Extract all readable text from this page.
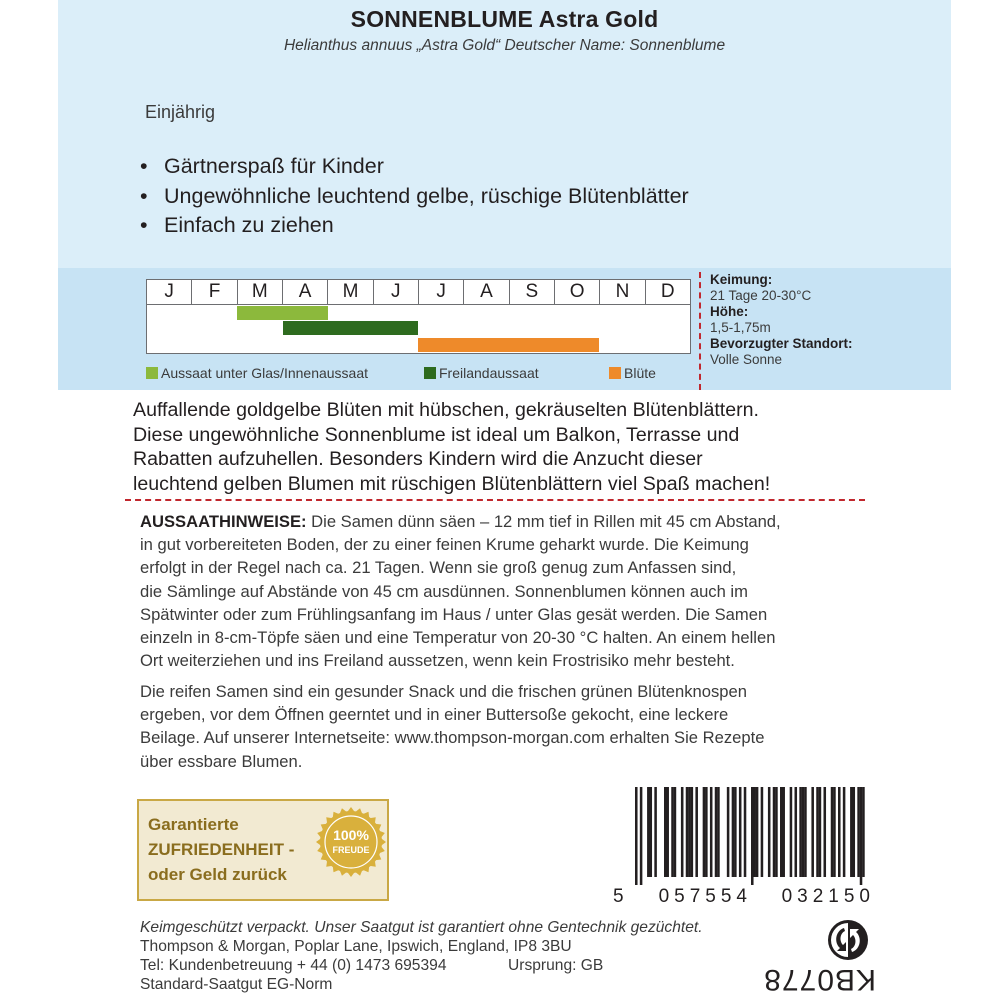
SONNENBLUME Astra Gold
Helianthus annuus „Astra Gold“ Deutscher Name: Sonnenblume
Einjährig
• Gärtnerspaß für Kinder
• Ungewöhnliche leuchtend gelbe, rüschige Blütenblätter
• Einfach zu ziehen
J	F	M	A	M	J	J	A	S	O	N	D
Aussaat unter Glas/Innenaussaat	Freilandaussaat	Blüte
Keimung:
21 Tage 20-30°C
Höhe:
1,5-1,75m
Bevorzugter Standort:
Volle Sonne
Auffallende goldgelbe Blüten mit hübschen, gekräuselten Blütenblättern.
Diese ungewöhnliche Sonnenblume ist ideal um Balkon, Terrasse und
Rabatten aufzuhellen. Besonders Kindern wird die Anzucht dieser
leuchtend gelben Blumen mit rüschigen Blütenblättern viel Spaß machen!
AUSSAATHINWEISE: Die Samen dünn säen – 12 mm tief in Rillen mit 45 cm Abstand,
in gut vorbereiteten Boden, der zu einer feinen Krume geharkt wurde. Die Keimung
erfolgt in der Regel nach ca. 21 Tagen. Wenn sie groß genug zum Anfassen sind,
die Sämlinge auf Abstände von 45 cm ausdünnen. Sonnenblumen können auch im
Spätwinter oder zum Frühlingsanfang im Haus / unter Glas gesät werden. Die Samen
einzeln in 8-cm-Töpfe säen und eine Temperatur von 20-30 °C halten. An einem hellen
Ort weiterziehen und ins Freiland aussetzen, wenn kein Frostrisiko mehr besteht.
Die reifen Samen sind ein gesunder Snack und die frischen grünen Blütenknospen
ergeben, vor dem Öffnen geerntet und in einer Buttersoße gekocht, eine leckere
Beilage. Auf unserer Internetseite: www.thompson-morgan.com erhalten Sie Rezepte
über essbare Blumen.
Garantierte
ZUFRIEDENHEIT -
oder Geld zurück
100%
FREUDE
5 057554 032150
Keimgeschützt verpackt. Unser Saatgut ist garantiert ohne Gentechnik gezüchtet.
Thompson & Morgan, Poplar Lane, Ipswich, England, IP8 3BU
Tel: Kundenbetreuung + 44 (0) 1473 695394
Standard-Saatgut EG-Norm
Ursprung: GB	KB0778
